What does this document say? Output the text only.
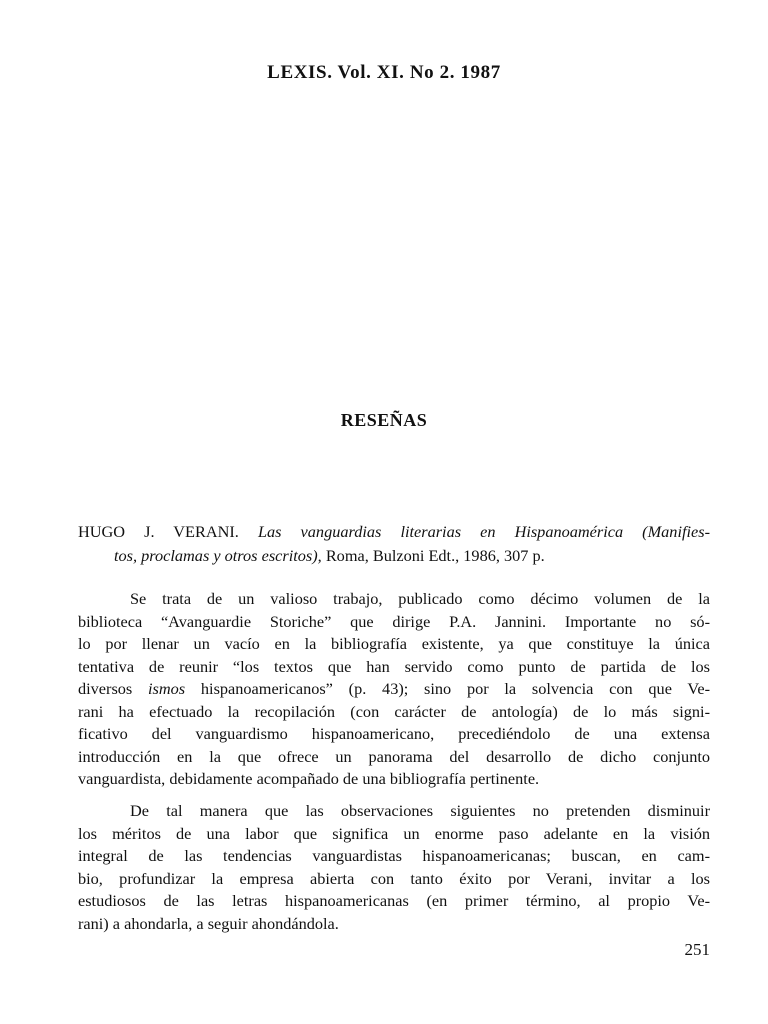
LEXIS. Vol. XI. No 2. 1987
RESEÑAS
HUGO J. VERANI. Las vanguardias literarias en Hispanoamérica (Manifies-
tos, proclamas y otros escritos), Roma, Bulzoni Edt., 1986, 307 p.
Se trata de un valioso trabajo, publicado como décimo volumen de la
biblioteca “Avanguardie Storiche” que dirige P.A. Jannini. Importante no só-
lo por llenar un vacío en la bibliografía existente, ya que constituye la única
tentativa de reunir “los textos que han servido como punto de partida de los
diversos ismos hispanoamericanos” (p. 43); sino por la solvencia con que Ve-
rani ha efectuado la recopilación (con carácter de antología) de lo más signi-
ficativo del vanguardismo hispanoamericano, precediéndolo de una extensa
introducción en la que ofrece un panorama del desarrollo de dicho conjunto
vanguardista, debidamente acompañado de una bibliografía pertinente.
De tal manera que las observaciones siguientes no pretenden disminuir
los méritos de una labor que significa un enorme paso adelante en la visión
integral de las tendencias vanguardistas hispanoamericanas; buscan, en cam-
bio, profundizar la empresa abierta con tanto éxito por Verani, invitar a los
estudiosos de las letras hispanoamericanas (en primer término, al propio Ve-
rani) a ahondarla, a seguir ahondándola.
251
